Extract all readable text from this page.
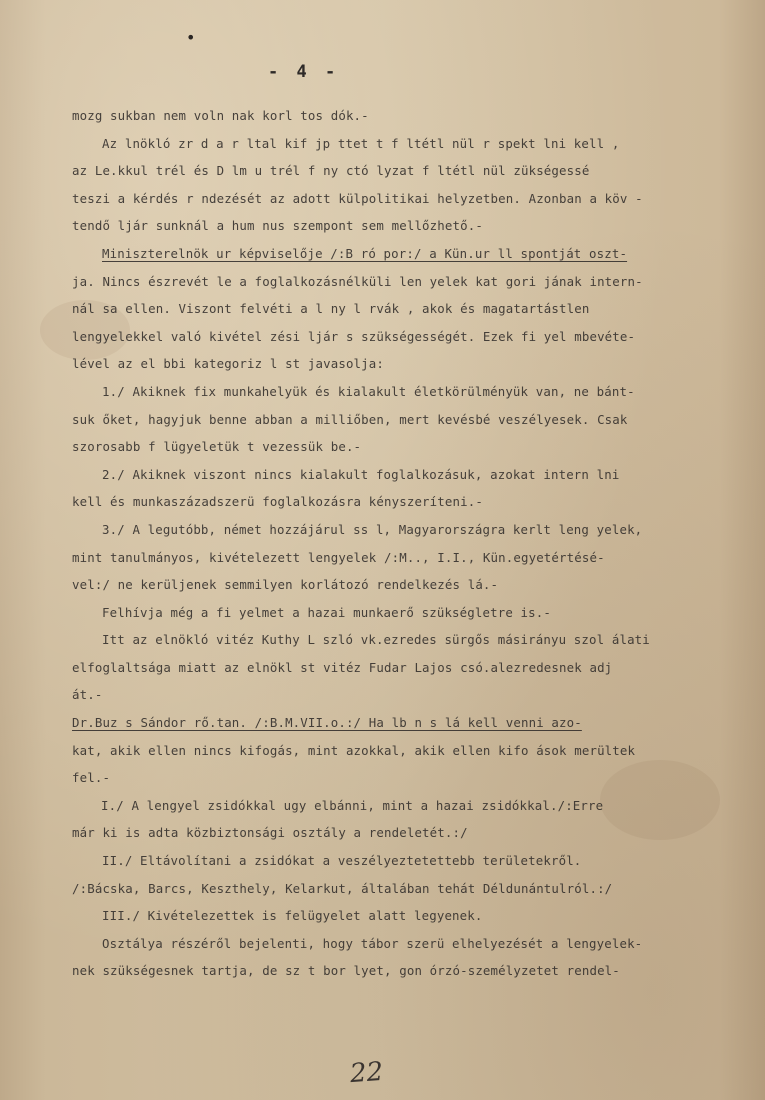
•
- 4 -
mozg sukban nem voln nak korl tos dók.-
Az lnökló zr d a r ltal kif jp ttet t f ltétl nül r spekt lni kell ,
az Le.kkul trél és D lm u trél f ny ctó lyzat f ltétl nül zükségessé
teszi a kérdés r ndezését az adott külpolitikai helyzetben. Azonban a köv -
tendő ljár sunknál a hum nus szempont sem mellőzhető.-
Miniszterelnök ur képviselője /:B ró por:/ a Kün.ur ll spontját oszt-
ja. Nincs észrevét le a foglalkozásnélküli len yelek kat gori jának intern-
nál sa ellen. Viszont felvéti a l ny l rvák , akok és magatartástlen
lengyelekkel való kivétel zési ljár s szükségességét. Ezek fi yel mbevéte-
lével az el bbi kategoriz l st javasolja:
1./ Akiknek fix munkahelyük és kialakult életkörülményük van, ne bánt-
suk őket, hagyjuk benne abban a milliőben, mert kevésbé veszélyesek. Csak
szorosabb f lügyeletük t vezessük be.-
2./ Akiknek viszont nincs kialakult foglalkozásuk, azokat intern lni
kell és munkaszázadszerü foglalkozásra kényszeríteni.-
3./ A legutóbb, német hozzájárul ss l, Magyarországra kerlt leng yelek,
mint tanulmányos, kivételezett lengyelek /:M.., I.I., Kün.egyetértésé-
vel:/ ne kerüljenek semmilyen korlátozó rendelkezés lá.-
Felhívja még a fi yelmet a hazai munkaerő szükségletre is.-
Itt az elnökló vitéz Kuthy L szló vk.ezredes sürgős másirányu szol álati
elfoglaltsága miatt az elnökl st vitéz Fudar Lajos csó.alezredesnek adj
át.-
Dr.Buz s Sándor rő.tan. /:B.M.VII.o.:/ Ha lb n s lá kell venni azo-
kat, akik ellen nincs kifogás, mint azokkal, akik ellen kifo ások merültek
fel.-
I./ A lengyel zsidókkal ugy elbánni, mint a hazai zsidókkal./:Erre
már ki is adta közbiztonsági osztály a rendeletét.:/
II./ Eltávolítani a zsidókat a veszélyeztetettebb területekről.
/:Bácska, Barcs, Keszthely, Kelarkut, általában tehát Déldunántulról.:/
III./ Kivételezettek is felügyelet alatt legyenek.
Osztálya részéről bejelenti, hogy tábor szerü elhelyezését a lengyelek-
nek szükségesnek tartja, de sz t bor lyet, gon órzó-személyzetet rendel-
22
